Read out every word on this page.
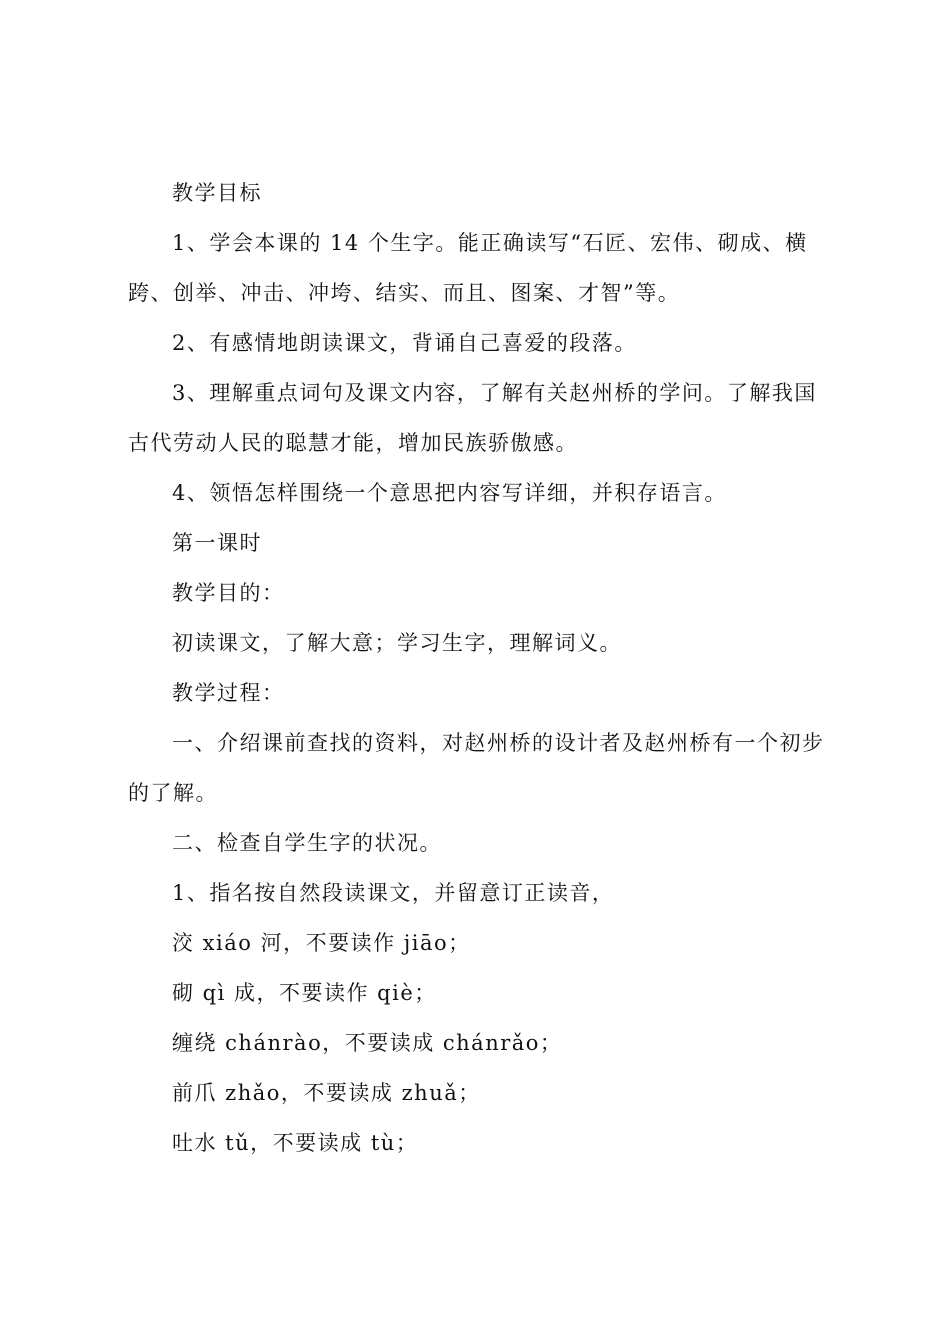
教学目标

1、学会本课的 14 个生字。能正确读写“石匠、宏伟、砌成、横跨、创举、冲击、冲垮、结实、而且、图案、才智”等。

2、有感情地朗读课文，背诵自己喜爱的段落。

3、理解重点词句及课文内容，了解有关赵州桥的学问。了解我国古代劳动人民的聪慧才能，增加民族骄傲感。

4、领悟怎样围绕一个意思把内容写详细，并积存语言。

第一课时

教学目的：

初读课文，了解大意；学习生字，理解词义。

教学过程：

一、介绍课前查找的资料，对赵州桥的设计者及赵州桥有一个初步的了解。

二、检查自学生字的状况。

1、指名按自然段读课文，并留意订正读音，

洨 xiáo 河，不要读作 jiāo；

砌 qì 成，不要读作 qiè；

缠绕 chánrào，不要读成 chánrǎo；

前爪 zhǎo，不要读成 zhuǎ；

吐水 tǔ，不要读成 tù；
